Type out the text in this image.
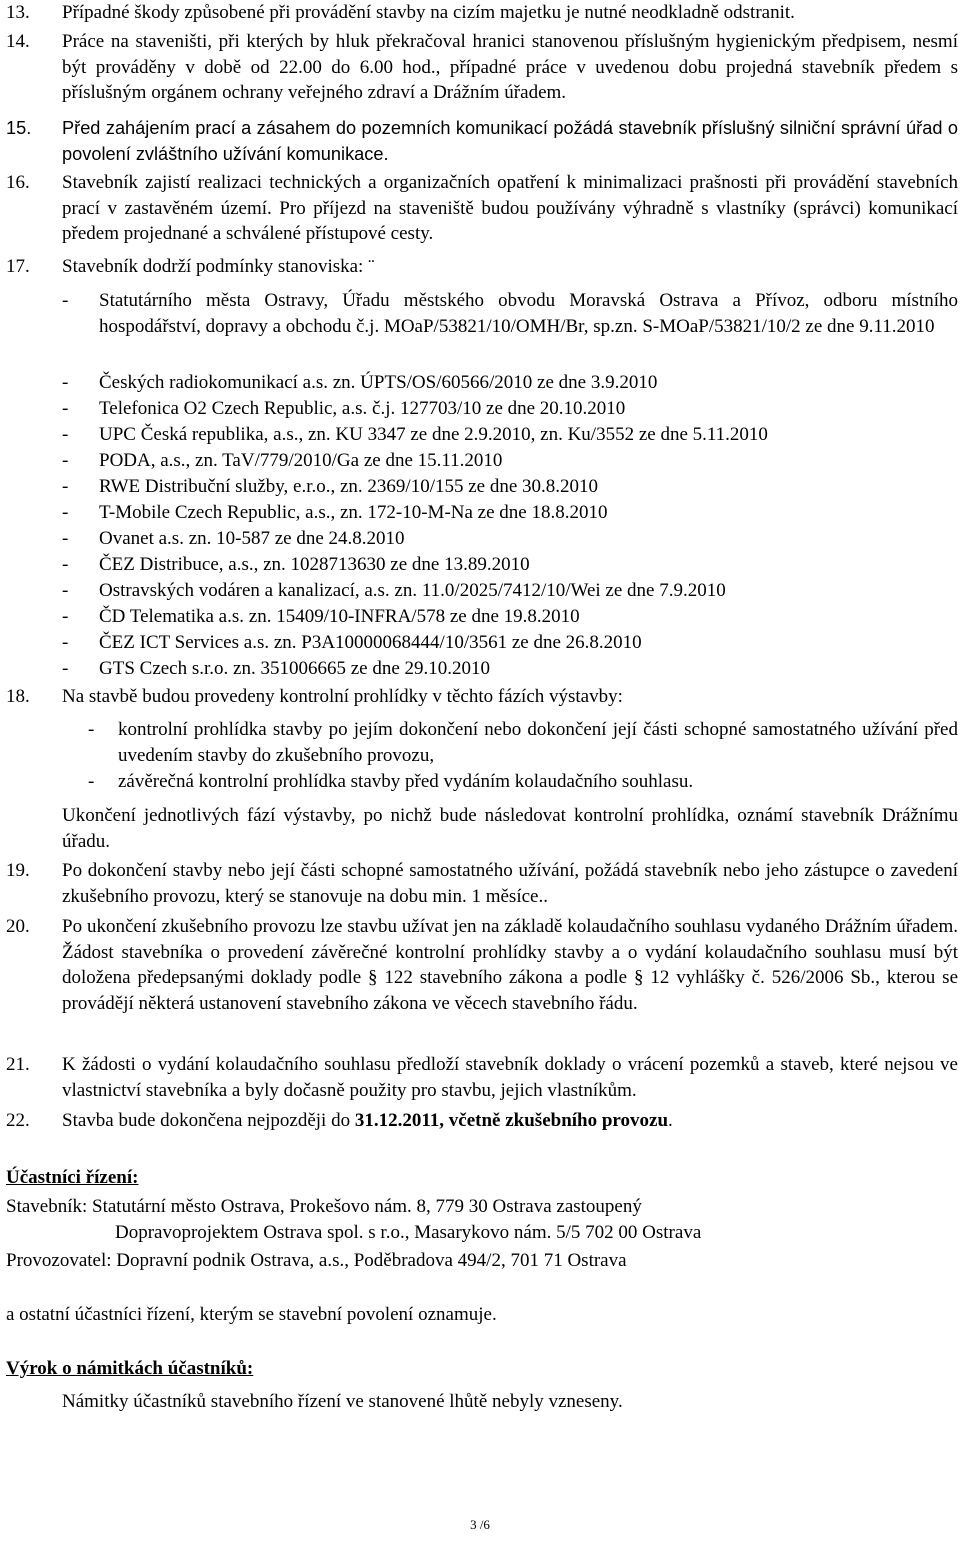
13. Případné škody způsobené při provádění stavby na cizím majetku je nutné neodkladně odstranit.
14. Práce na staveništi, při kterých by hluk překračoval hranici stanovenou příslušným hygienickým předpisem, nesmí být prováděny v době od 22.00 do 6.00 hod., případné práce v uvedenou dobu projedná stavebník předem s příslušným orgánem ochrany veřejného zdraví a Drážním úřadem.
15. Před zahájením prací a zásahem do pozemních komunikací požádá stavebník příslušný silniční správní úřad o povolení zvláštního užívání komunikace.
16. Stavebník zajistí realizaci technických a organizačních opatření k minimalizaci prašnosti při provádění stavebních prací v zastavěném území. Pro příjezd na staveniště budou používány výhradně s vlastníky (správci) komunikací předem projednané a schválené přístupové cesty.
17. Stavebník dodrží podmínky stanoviska: ¨
- Statutárního města Ostravy, Úřadu městského obvodu Moravská Ostrava a Přívoz, odboru místního hospodářství, dopravy a obchodu č.j. MOaP/53821/10/OMH/Br, sp.zn. S-MOaP/53821/10/2 ze dne 9.11.2010
- Českých radiokomunikací a.s. zn. ÚPTS/OS/60566/2010 ze dne 3.9.2010
- Telefonica O2 Czech Republic, a.s. č.j. 127703/10 ze dne 20.10.2010
- UPC Česká republika, a.s., zn. KU 3347 ze dne 2.9.2010, zn. Ku/3552 ze dne 5.11.2010
- PODA, a.s., zn. TaV/779/2010/Ga ze dne 15.11.2010
- RWE Distribuční služby, e.r.o., zn. 2369/10/155 ze dne 30.8.2010
- T-Mobile Czech Republic, a.s., zn. 172-10-M-Na ze dne 18.8.2010
- Ovanet a.s. zn. 10-587 ze dne 24.8.2010
- ČEZ Distribuce, a.s., zn. 1028713630 ze dne 13.89.2010
- Ostravských vodáren a kanalizací, a.s. zn. 11.0/2025/7412/10/Wei ze dne 7.9.2010
- ČD Telematika a.s. zn. 15409/10-INFRA/578 ze dne 19.8.2010
- ČEZ ICT Services a.s. zn. P3A10000068444/10/3561 ze dne 26.8.2010
- GTS Czech s.r.o. zn. 351006665 ze dne 29.10.2010
18. Na stavbě budou provedeny kontrolní prohlídky v těchto fázích výstavby:
- kontrolní prohlídka stavby po jejím dokončení nebo dokončení její části schopné samostatného užívání před uvedením stavby do zkušebního provozu,
- závěrečná kontrolní prohlídka stavby před vydáním kolaudačního souhlasu.
Ukončení jednotlivých fází výstavby, po nichž bude následovat kontrolní prohlídka, oznámí stavebník Drážnímu úřadu.
19. Po dokončení stavby nebo její části schopné samostatného užívání, požádá stavebník nebo jeho zástupce o zavedení zkušebního provozu, který se stanovuje na dobu min. 1 měsíce..
20. Po ukončení zkušebního provozu lze stavbu užívat jen na základě kolaudačního souhlasu vydaného Drážním úřadem. Žádost stavebníka o provedení závěrečné kontrolní prohlídky stavby a o vydání kolaudačního souhlasu musí být doložena předepsanými doklady podle § 122 stavebního zákona a podle § 12 vyhlášky č. 526/2006 Sb., kterou se provádějí některá ustanovení stavebního zákona ve věcech stavebního řádu.
21. K žádosti o vydání kolaudačního souhlasu předloží stavebník doklady o vrácení pozemků a staveb, které nejsou ve vlastnictví stavebníka a byly dočasně použity pro stavbu, jejich vlastníkům.
22. Stavba bude dokončena nejpozději do 31.12.2011, včetně zkušebního provozu.
Účastníci řízení:
Stavebník: Statutární město Ostrava, Prokešovo nám. 8, 779 30 Ostrava zastoupený
Dopravoprojektem Ostrava spol. s r.o., Masarykovo nám. 5/5 702 00 Ostrava
Provozovatel: Dopravní podnik Ostrava, a.s., Poděbradova 494/2, 701 71 Ostrava
a ostatní účastníci řízení, kterým se stavební povolení oznamuje.
Výrok o námitkách účastníků:
Námitky účastníků stavebního řízení ve stanovené lhůtě nebyly vzneseny.
3 /6
